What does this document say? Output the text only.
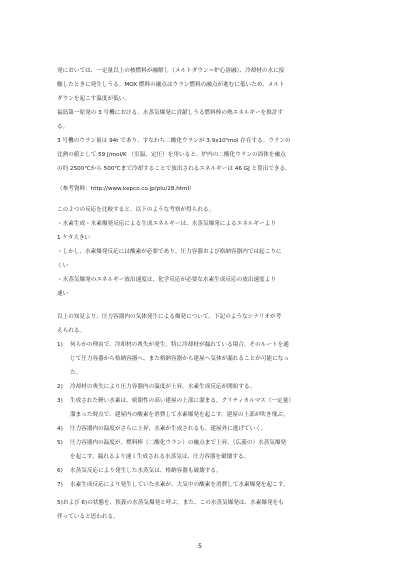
発においては、一定量以上の核燃料が融解し（メルトダウン＝炉心溶融）、冷却材の水に接
触したときに発生しうる。MOX 燃料の融点はウラン燃料の融点が進むに低いため、メルト
ダウンを起こす温度が低い。
福島第一原発の 3 号機における、水蒸気爆発に貢献しうる燃料棒の熱エネルギーを推計す
る。
3 号機のウラン量は 94t であり、すなわち二酸化ウランが 3.9x10⁵mol 存在する。ウランの
比熱の値として 59 J/mol/K （室温、定圧）を用いると、炉内の二酸化ウランの固体を融点
の約 2500℃から 500℃まで冷却することで放出されるエネルギーは 46 GJ と算出できる。
（参考資料：http://www.kepco.co.jp/plu/28.html）
この２つの反応を比較すると、以下のような考察が得られる。
・水素生成・水素爆発反応による生成エネルギーは、水蒸気爆発によるエネルギーより
1 ケタ大きい
・しかし、水素爆発反応には酸素が必要であり、圧力容器および格納容器内では起こりに
くい
・水蒸気爆発のエネルギー放出速度は、化学反応が必要な水素生成反応の放出速度より
速い
以上の知見より、圧力容器内の気体発生による爆発について、下記のようなシナリオが考
えられる。
1) 何らかの理由で、冷却材の喪失が発生。特に冷却材が漏れている場合、そのルートを通
じて圧力容器から格納容器へ、また格納容器から建屋へ気体が漏れることが可能になっ
た。
2) 冷却材の喪失により圧力容器内の温度が上昇。水素生成反応が開始する。
3) 生成された軽い水素は、密閉性の高い建屋の上部に溜まる。クリティカルマス（一定量）
溜まった時点で、建屋内の酸素を消費して水素爆発を起こす。建屋の上部が吹き飛ぶ。
4) 圧力容器内の温度がさらに上昇、水素が生成されるも、建屋外に逃げていく。
5) 圧力容器内の温度が、燃料棒（二酸化ウラン）の融点まで上昇、（広義の）水蒸気爆発
を起こす。漏れるより速く生成される水蒸気は、圧力容器を破壊する。
6) 水蒸気反応により発生した水蒸気は、格納容器も破壊する。
7) 水素生成反応により発生していた水素が、大気中の酸素を消費して水素爆発を起こす。
5)および 6)の状態を、狭義の水蒸気爆発と呼ぶ。また、この水蒸気爆発は、水素爆発をも
伴っていると思われる。
5
